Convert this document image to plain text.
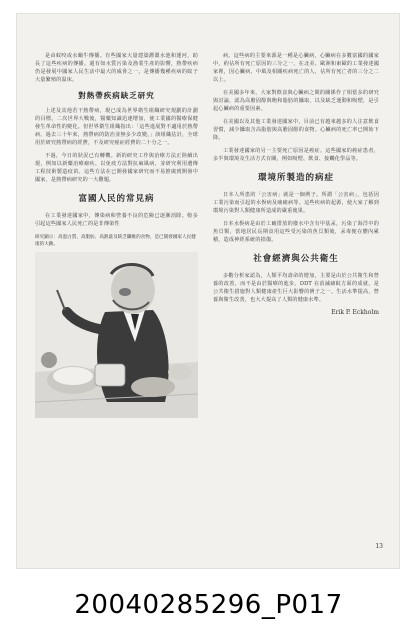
是由蚊咬或水蝸牛傳播。有些國家大量建築灌溉水池和運河，助長了這些疾病的傳播。還有如水質污染及漁業生產的影響，熱帶疾病仍是發展中國家人民生活中最大的威脅之一，是傳播幾種疾病的蚊子大量繁殖的温床。

對熱帶疾病缺乏研究

上述及其他若干熱帶病，現已成為世界衛生組織研究規劃的計劃的目標。二次世界大戰後，醫藥知識迅速增加，使工業國的醫療保健發生革命性的變化。但世界衛生組織指出：「這些進展對不適用於熱帶病。過去三十年來，熱帶病的防治並無多少改變。」該組織估計，全球用於研究熱帶病的經費，不及研究癌症經費的二十分之一。

不過，今日的狀況已有轉機。新的研究工作與治療方法正陸續出現，例如以新藥治療瘧疾、以免疫方法對抗麻風病，並研究利用遺傳工程技術製造疫苗。這些方法在已開發國家研究而不易推廣到開發中國家，是熱帶病研究的一大難題。

富國人民的常見病

在工業發達國家中，傳染病和營養不良的危險已逐漸消除。較多引起這些國家人民死亡的是非傳染性

研究顯示：高蛋白質、高脂肪、高熱量及缺乏纖維的食物，是已開發國家人民健康的大敵。

病。這些病的主要來源是一種是心臟病，心臟病在多數富國的國家中，約佔所有死亡原因的三分之一，在北美、歐洲和東歐的工業發達國家裡，因心臟病、中風及相關疾病死亡的人，佔所有死亡者的三分之二以上。

在美國多年來，大家對飲食與心臟病之間的關係作了相當多的研究與討論，認為高膽固醇與飽和脂肪的攝取，以及缺乏運動和吸煙，是引起心臟病的重要因素。

在美國以及其他工業發達國家中，目前已有越來越多的人注意飲食習慣，減少攝取含高脂肪與高膽固醇的食物。心臟病的死亡率已開始下降。

工業發達國家的另一主要死亡原因是癌症。這些國家的癌症患者，多半與環境及生活方式有關，例如吸煙、飲食、接觸化學品等。

環境所製造的病症

日本人所患的「公害病」就是一個例子。所謂「公害病」，包括因工業污染而引起的水俁病及痛痛病等。這些疾病的起源，使大家了解到環境污染對人類健康所造成的嚴重後果。

日本水俁病是由於工廠排放的廢水中含有甲基汞，污染了海洋中的魚貝類，當地居民長期食用這些受污染的魚貝類後，汞毒便在體內累積，造成神經系統的損傷。

社會經濟與公共衛生

多數分析家認為，人類平均壽命的增加，主要是由於公共衛生和營養的改善，而不是由於醫療的進步。DDT 在消滅瘧蚊方面的成就，是公共衛生措施對人類健康產生巨大影響的例子之一。生活水準提高，營養與衛生改善，也大大提高了人類的健康水準。

Erik P. Eckholm
13
20040285296_P017
